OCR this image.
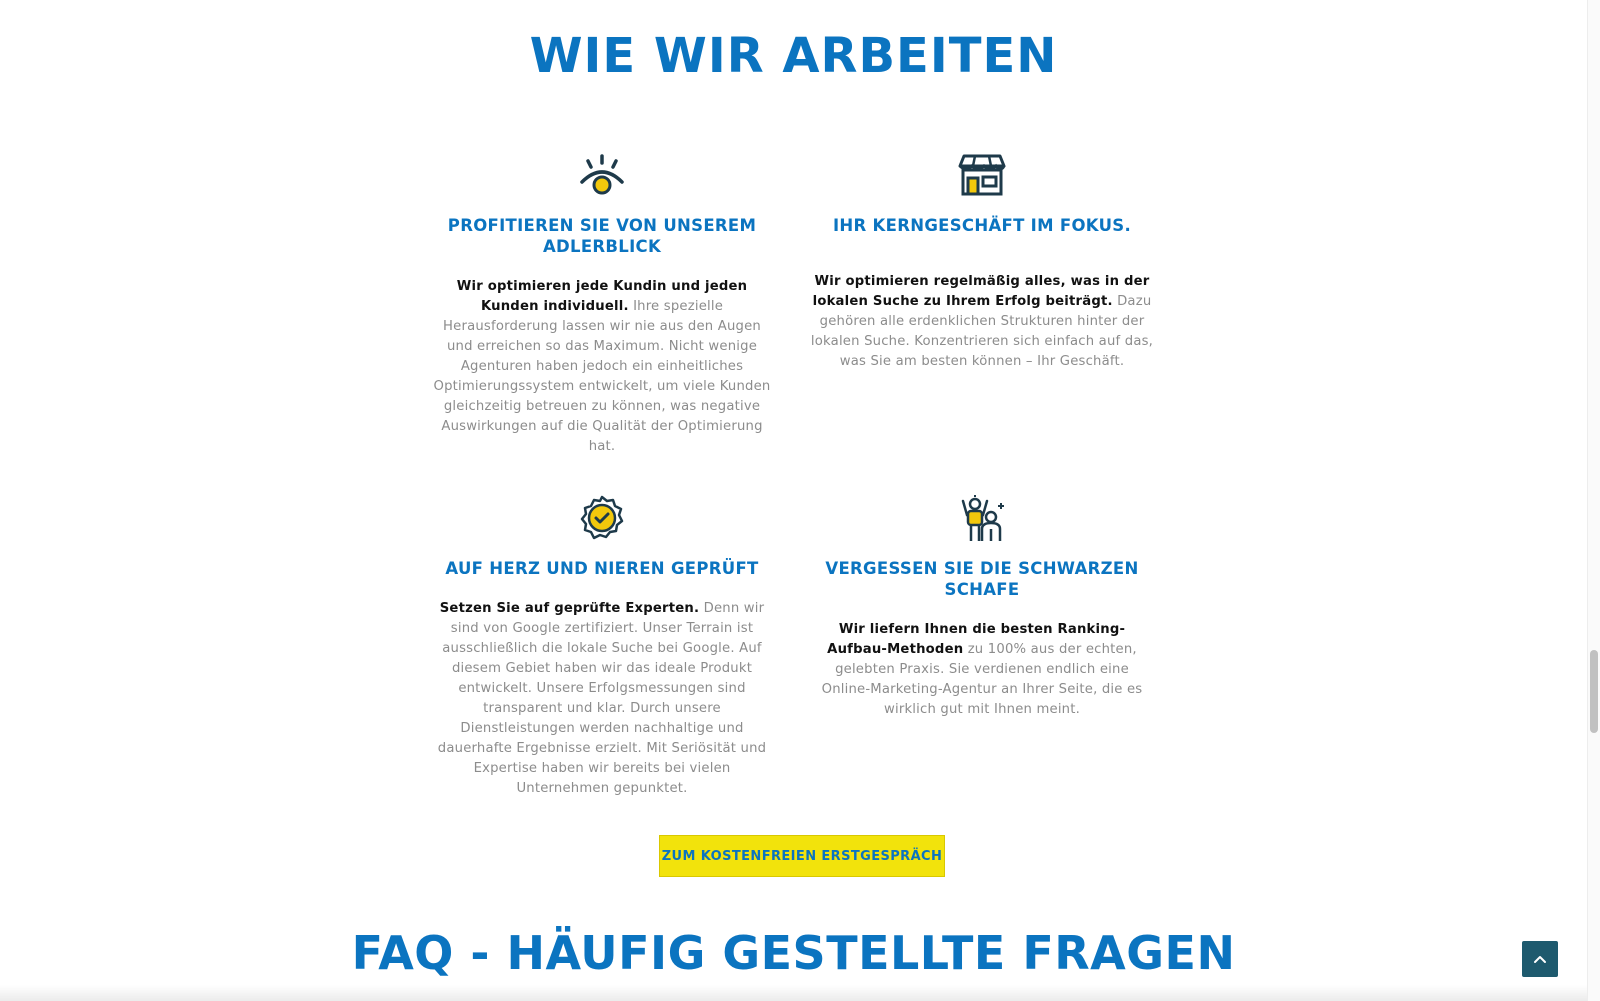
WIE WIR ARBEITEN
PROFITIEREN SIE VON UNSEREM ADLERBLICK

Wir optimieren jede Kundin und jeden Kunden individuell. Ihre spezielle Herausforderung lassen wir nie aus den Augen und erreichen so das Maximum. Nicht wenige Agenturen haben jedoch ein einheitliches Optimierungssystem entwickelt, um viele Kunden gleichzeitig betreuen zu können, was negative Auswirkungen auf die Qualität der Optimierung hat.

IHR KERNGESCHÄFT IM FOKUS.

Wir optimieren regelmäßig alles, was in der lokalen Suche zu Ihrem Erfolg beiträgt. Dazu gehören alle erdenklichen Strukturen hinter der lokalen Suche. Konzentrieren sich einfach auf das, was Sie am besten können – Ihr Geschäft.

AUF HERZ UND NIEREN GEPRÜFT

Setzen Sie auf geprüfte Experten. Denn wir sind von Google zertifiziert. Unser Terrain ist ausschließlich die lokale Suche bei Google. Auf diesem Gebiet haben wir das ideale Produkt entwickelt. Unsere Erfolgsmessungen sind transparent und klar. Durch unsere Dienstleistungen werden nachhaltige und dauerhafte Ergebnisse erzielt. Mit Seriösität und Expertise haben wir bereits bei vielen Unternehmen gepunktet.

VERGESSEN SIE DIE SCHWARZEN SCHAFE

Wir liefern Ihnen die besten Ranking-Aufbau-Methoden zu 100% aus der echten, gelebten Praxis. Sie verdienen endlich eine Online-Marketing-Agentur an Ihrer Seite, die es wirklich gut mit Ihnen meint.

ZUM KOSTENFREIEN ERSTGESPRÄCH
FAQ - HÄUFIG GESTELLTE FRAGEN
